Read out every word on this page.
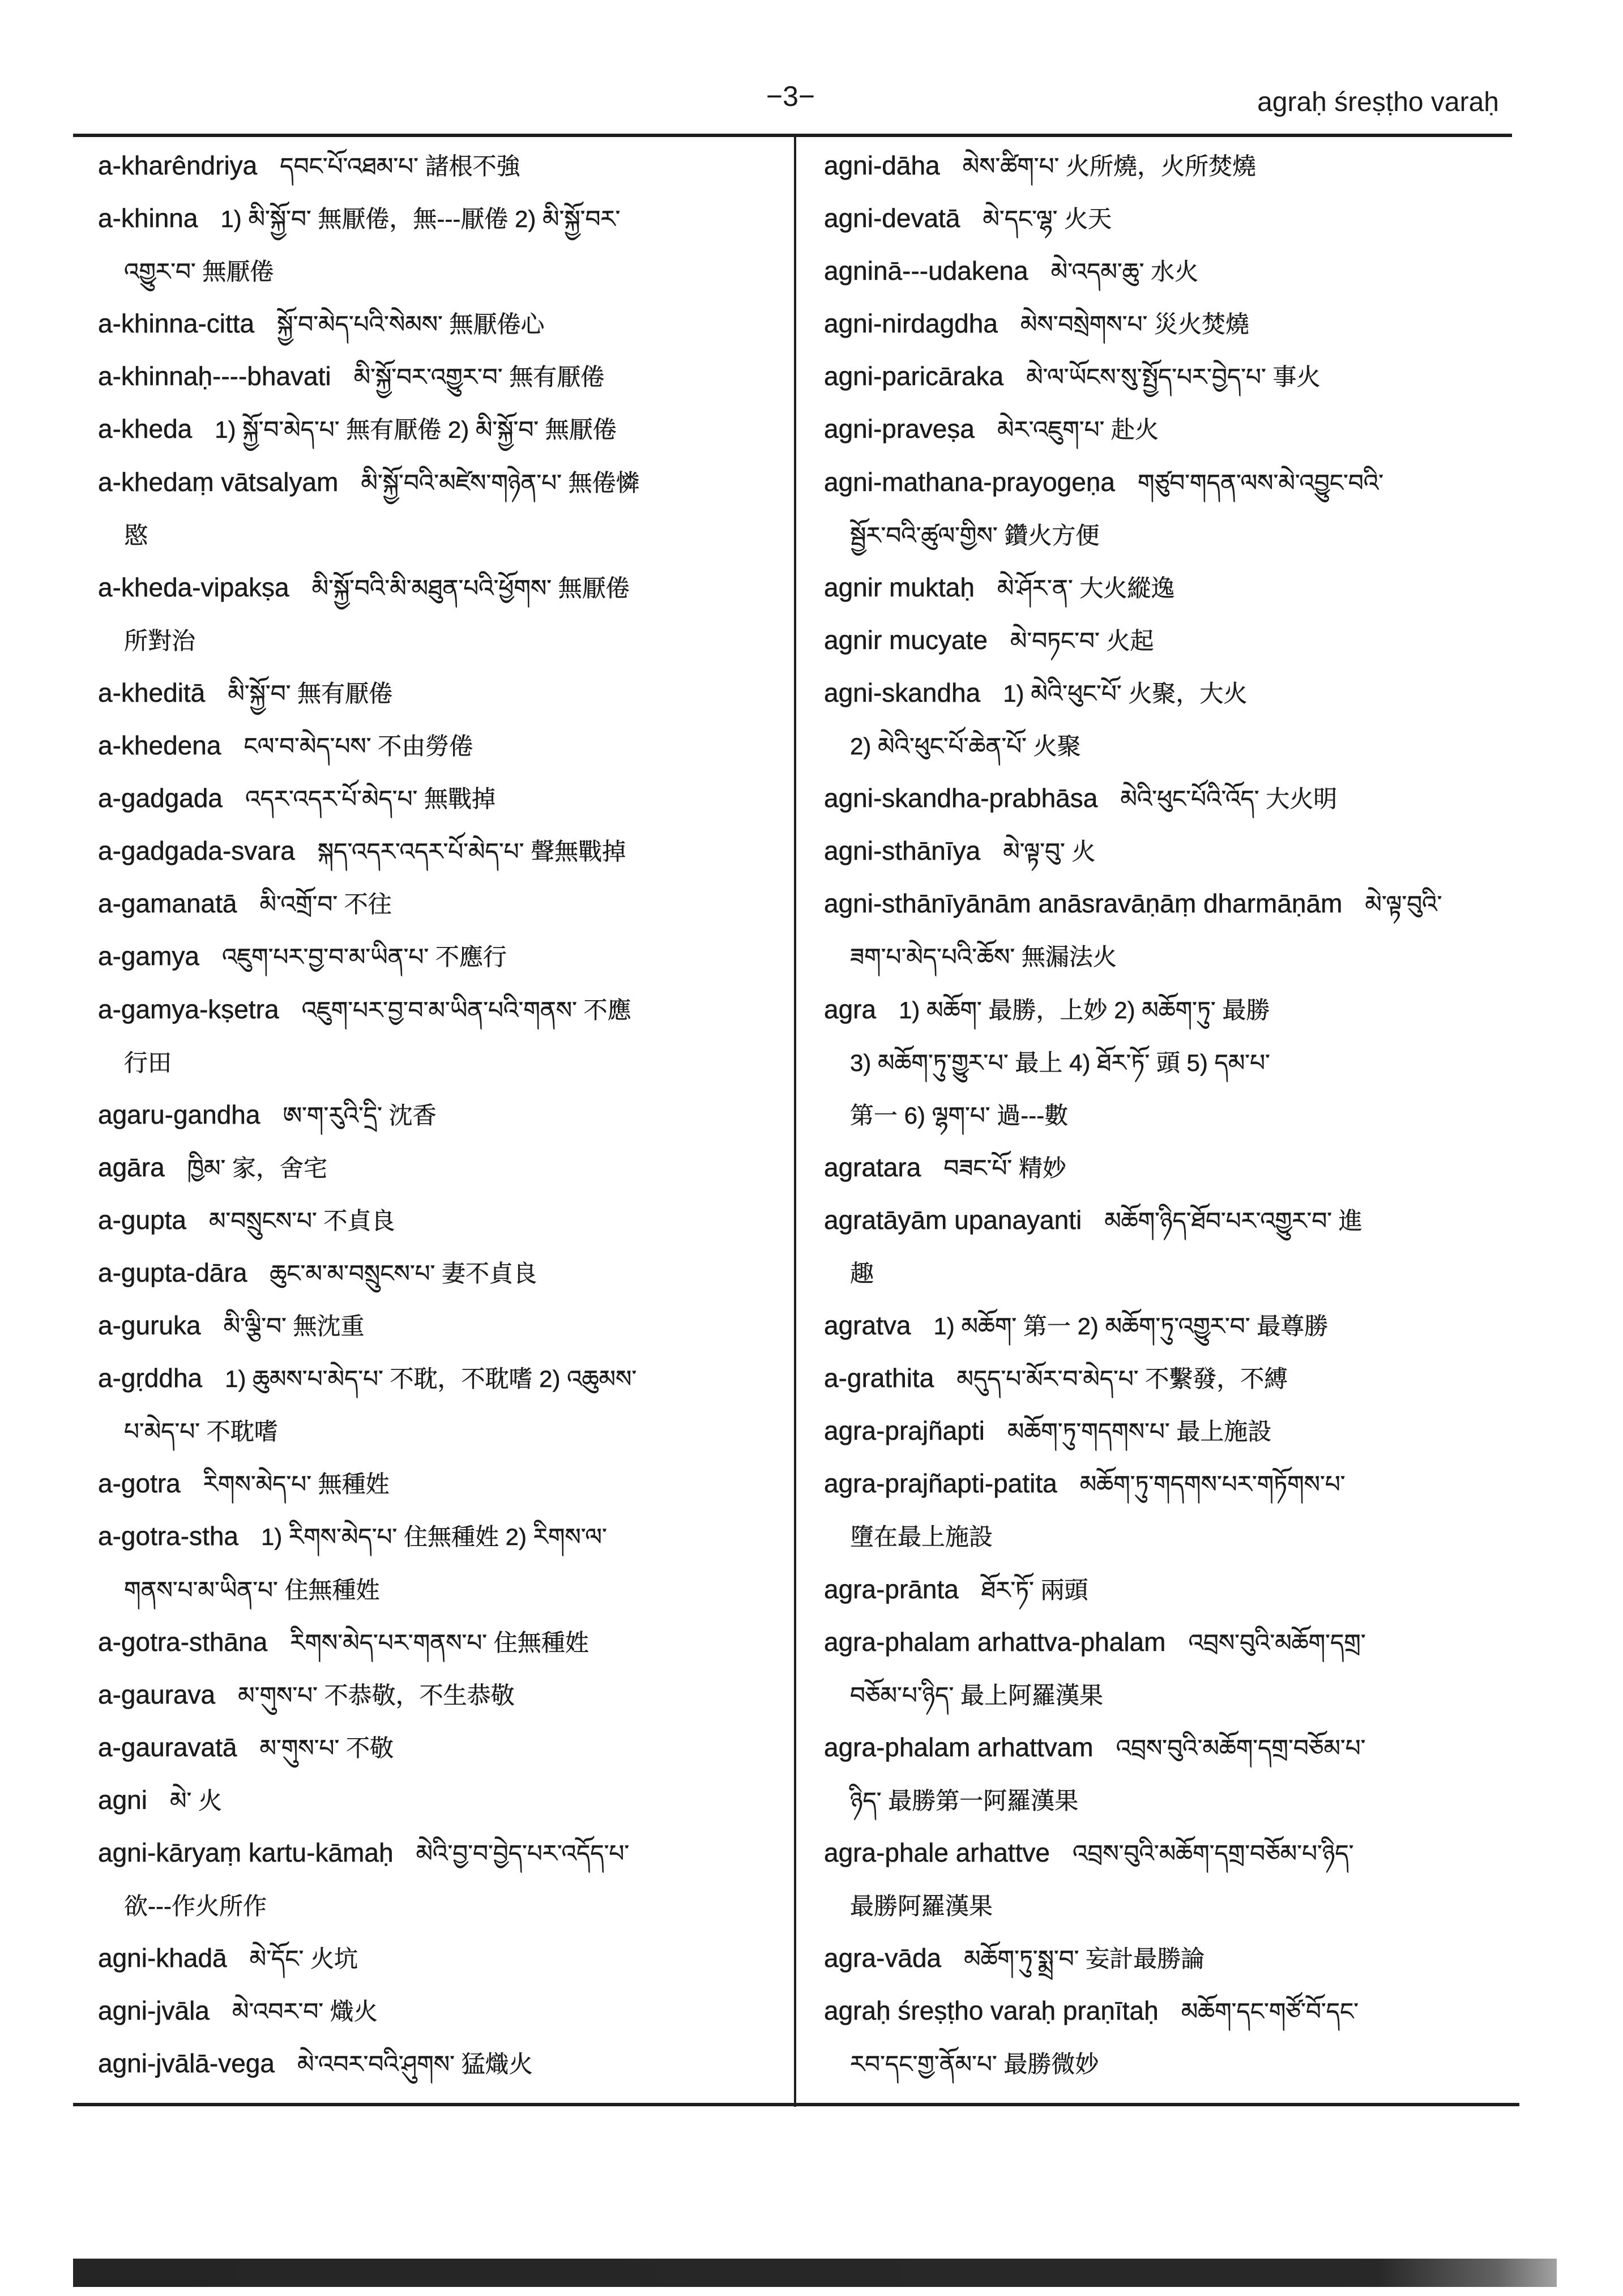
−3−	agraḥ śreṣṭho varaḥ
a-kharêndriya དབང་པོ་འཐམ་པ་ 諸根不強
a-khinna 1) མི་སྐྱོ་བ་ 無厭倦，無---厭倦 2) མི་སྐྱོ་བར་
འགྱུར་བ་ 無厭倦
a-khinna-citta སྐྱོ་བ་མེད་པའི་སེམས་ 無厭倦心
a-khinnaḥ----bhavati མི་སྐྱོ་བར་འགྱུར་བ་ 無有厭倦
a-kheda 1) སྐྱོ་བ་མེད་པ་ 無有厭倦 2) མི་སྐྱོ་བ་ 無厭倦
a-khedaṃ vātsalyam མི་སྐྱོ་བའི་མཛེས་གཉེན་པ་ 無倦憐
愍
a-kheda-vipakṣa མི་སྐྱོ་བའི་མི་མཐུན་པའི་ཕྱོགས་ 無厭倦
所對治
a-kheditā མི་སྐྱོ་བ་ 無有厭倦
a-khedena ངལ་བ་མེད་པས་ 不由勞倦
a-gadgada འདར་འདར་པོ་མེད་པ་ 無戰掉
a-gadgada-svara སྐད་འདར་འདར་པོ་མེད་པ་ 聲無戰掉
a-gamanatā མི་འགྲོ་བ་ 不往
a-gamya འཇུག་པར་བྱ་བ་མ་ཡིན་པ་ 不應行
a-gamya-kṣetra འཇུག་པར་བྱ་བ་མ་ཡིན་པའི་གནས་ 不應
行田
agaru-gandha ཨ་ག་རུའི་དྲི་ 沈香
agāra ཁྱིམ་ 家，舍宅
a-gupta མ་བསྲུངས་པ་ 不貞良
a-gupta-dāra ཆུང་མ་མ་བསྲུངས་པ་ 妻不貞良
a-guruka མི་ལྕི་བ་ 無沈重
a-gṛddha 1) ཆུམས་པ་མེད་པ་ 不耽，不耽嗜 2) འཆུམས་
པ་མེད་པ་ 不耽嗜
a-gotra རིགས་མེད་པ་ 無種姓
a-gotra-stha 1) རིགས་མེད་པ་ 住無種姓 2) རིགས་ལ་
གནས་པ་མ་ཡིན་པ་ 住無種姓
a-gotra-sthāna རིགས་མེད་པར་གནས་པ་ 住無種姓
a-gaurava མ་གུས་པ་ 不恭敬，不生恭敬
a-gauravatā མ་གུས་པ་ 不敬
agni མེ་ 火
agni-kāryaṃ kartu-kāmaḥ མེའི་བྱ་བ་བྱེད་པར་འདོད་པ་
欲---作火所作
agni-khadā མེ་དོང་ 火坑
agni-jvāla མེ་འབར་བ་ 熾火
agni-jvālā-vega མེ་འབར་བའི་ཤུགས་ 猛熾火
agni-dāha མེས་ཚིག་པ་ 火所燒，火所焚燒
agni-devatā མེ་དང་ལྷ་ 火天
agninā---udakena མེ་འདམ་ཆུ་ 水火
agni-nirdagdha མེས་བསྲེགས་པ་ 災火焚燒
agni-paricāraka མེ་ལ་ཡོངས་སུ་སྤྱོད་པར་བྱེད་པ་ 事火
agni-praveṣa མེར་འཇུག་པ་ 赴火
agni-mathana-prayogeṇa གཙུབ་གདན་ལས་མེ་འབྱུང་བའི་
སྦྱོར་བའི་ཚུལ་གྱིས་ 鑽火方便
agnir muktaḥ མེ་ཤོར་ན་ 大火縱逸
agnir mucyate མེ་བཏང་བ་ 火起
agni-skandha 1) མེའི་ཕུང་པོ་ 火聚，大火
2) མེའི་ཕུང་པོ་ཆེན་པོ་ 火聚
agni-skandha-prabhāsa མེའི་ཕུང་པོའི་འོད་ 大火明
agni-sthānīya མེ་ལྟ་བུ་ 火
agni-sthānīyānām anāsravāṇāṃ dharmāṇām མེ་ལྟ་བུའི་
ཟག་པ་མེད་པའི་ཆོས་ 無漏法火
agra 1) མཆོག་ 最勝，上妙 2) མཆོག་ཏུ་ 最勝
3) མཆོག་ཏུ་གྱུར་པ་ 最上 4) ཐོར་ཏོ་ 頭 5) དམ་པ་
第一 6) ལྷག་པ་ 過---數
agratara བཟང་པོ་ 精妙
agratāyām upanayanti མཆོག་ཉིད་ཐོབ་པར་འགྱུར་བ་ 進
趣
agratva 1) མཆོག་ 第一 2) མཆོག་ཏུ་འགྱུར་བ་ 最尊勝
a-grathita མདུད་པ་མོར་བ་མེད་པ་ 不繫發，不縛
agra-prajñapti མཆོག་ཏུ་གདགས་པ་ 最上施設
agra-prajñapti-patita མཆོག་ཏུ་གདགས་པར་གཏོགས་པ་
墮在最上施設
agra-prānta ཐོར་ཏོ་ 兩頭
agra-phalam arhattva-phalam འབྲས་བུའི་མཆོག་དགྲ་
བཅོམ་པ་ཉིད་ 最上阿羅漢果
agra-phalam arhattvam འབྲས་བུའི་མཆོག་དགྲ་བཅོམ་པ་
ཉིད་ 最勝第一阿羅漢果
agra-phale arhattve འབྲས་བུའི་མཆོག་དགྲ་བཅོམ་པ་ཉིད་
最勝阿羅漢果
agra-vāda མཆོག་ཏུ་སྨྲ་བ་ 妄計最勝論
agraḥ śreṣṭho varaḥ praṇītaḥ མཆོག་དང་གཙོ་བོ་དང་
རབ་དང་གྱ་ནོམ་པ་ 最勝微妙
